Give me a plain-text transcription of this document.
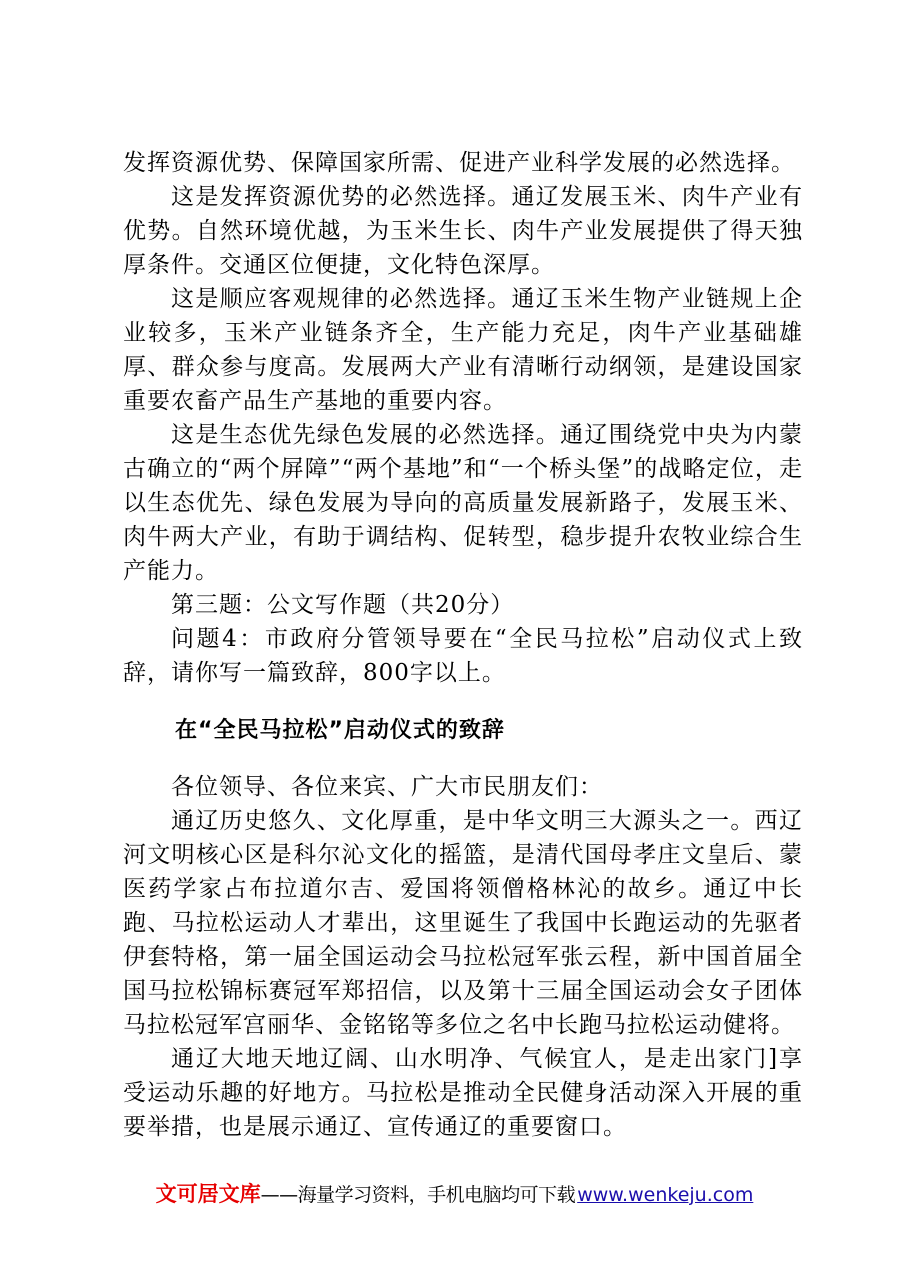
发挥资源优势、保障国家所需、促进产业科学发展的必然选择。

这是发挥资源优势的必然选择。通辽发展玉米、肉牛产业有优势。自然环境优越，为玉米生长、肉牛产业发展提供了得天独厚条件。交通区位便捷，文化特色深厚。

这是顺应客观规律的必然选择。通辽玉米生物产业链规上企业较多，玉米产业链条齐全，生产能力充足，肉牛产业基础雄厚、群众参与度高。发展两大产业有清晰行动纲领，是建设国家重要农畜产品生产基地的重要内容。

这是生态优先绿色发展的必然选择。通辽围绕党中央为内蒙古确立的“两个屏障”“两个基地”和“一个桥头堡”的战略定位，走以生态优先、绿色发展为导向的高质量发展新路子，发展玉米、肉牛两大产业，有助于调结构、促转型，稳步提升农牧业综合生产能力。

第三题：公文写作题（共20分）

问题4：市政府分管领导要在“全民马拉松”启动仪式上致辞，请你写一篇致辞，800字以上。

在“全民马拉松”启动仪式的致辞

各位领导、各位来宾、广大市民朋友们：

通辽历史悠久、文化厚重，是中华文明三大源头之一。西辽河文明核心区是科尔沁文化的摇篮，是清代国母孝庄文皇后、蒙医药学家占布拉道尔吉、爱国将领僧格林沁的故乡。通辽中长跑、马拉松运动人才辈出，这里诞生了我国中长跑运动的先驱者伊套特格，第一届全国运动会马拉松冠军张云程，新中国首届全国马拉松锦标赛冠军郑招信，以及第十三届全国运动会女子团体马拉松冠军宫丽华、金铭铭等多位之名中长跑马拉松运动健将。

通辽大地天地辽阔、山水明净、气候宜人，是走出家门]享受运动乐趣的好地方。马拉松是推动全民健身活动深入开展的重要举措，也是展示通辽、宣传通辽的重要窗口。

文可居文库——海量学习资料，手机电脑均可下载 www.wenkeju.com
